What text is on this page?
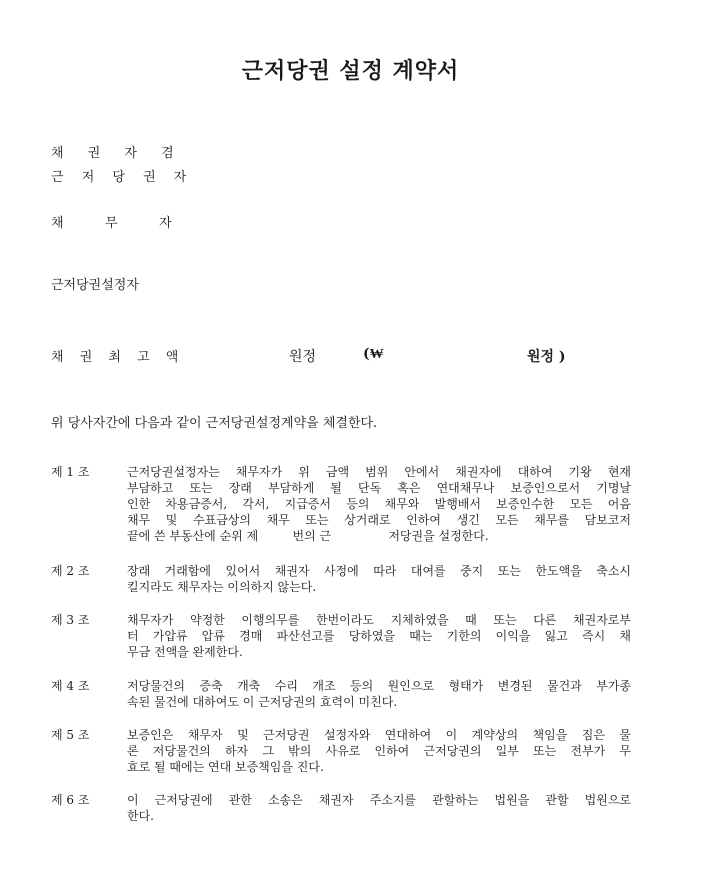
근저당권 설정 계약서
채 권 자 겸
근 저 당 권 자
채    무    자
근저당권설정자
채 권 최 고 액	원정	(₩	원정 )
위 당사자간에 다음과 같이 근저당권설정계약을 체결한다.
제 1 조	근저당권설정자는 채무자가 위 금액 범위 안에서 채권자에 대하여 기왕 현재
부담하고 또는 장래 부담하게 될 단독 혹은 연대채무나 보증인으로서 기명날
인한 차용금증서, 각서, 지급증서 등의 채무와 발행배서 보증인수한 모든 어음
채무 및 수표금상의 채무 또는 상거래로 인하여 생긴 모든 채무를 담보코저
끝에 쓴 부동산에 순위 제         번의 근               저당권을 설정한다.
제 2 조	장래 거래함에 있어서 채권자 사정에 따라 대여를 중지 또는 한도액을 축소시
킬지라도 채무자는 이의하지 않는다.
제 3 조	채무자가 약정한 이행의무를 한번이라도 지체하였을 때 또는 다른 채권자로부
터 가압류 압류 경매 파산선고를 당하였을 때는 기한의 이익을 잃고 즉시 채
무금 전액을 완제한다.
제 4 조	저당물건의 증축 개축 수리 개조 등의 원인으로 형태가 변경된 물건과 부가종
속된 물건에 대하여도 이 근저당권의 효력이 미친다.
제 5 조	보증인은 채무자 및 근저당권 설정자와 연대하여 이 계약상의 책임을 짐은 물
론 저당물건의 하자 그 밖의 사유로 인하여 근저당권의 일부 또는 전부가 무
효로 될 때에는 연대 보증책임을 진다.
제 6 조	이 근저당권에 관한 소송은 채권자 주소지를 관할하는 법원을 관할 법원으로
한다.
